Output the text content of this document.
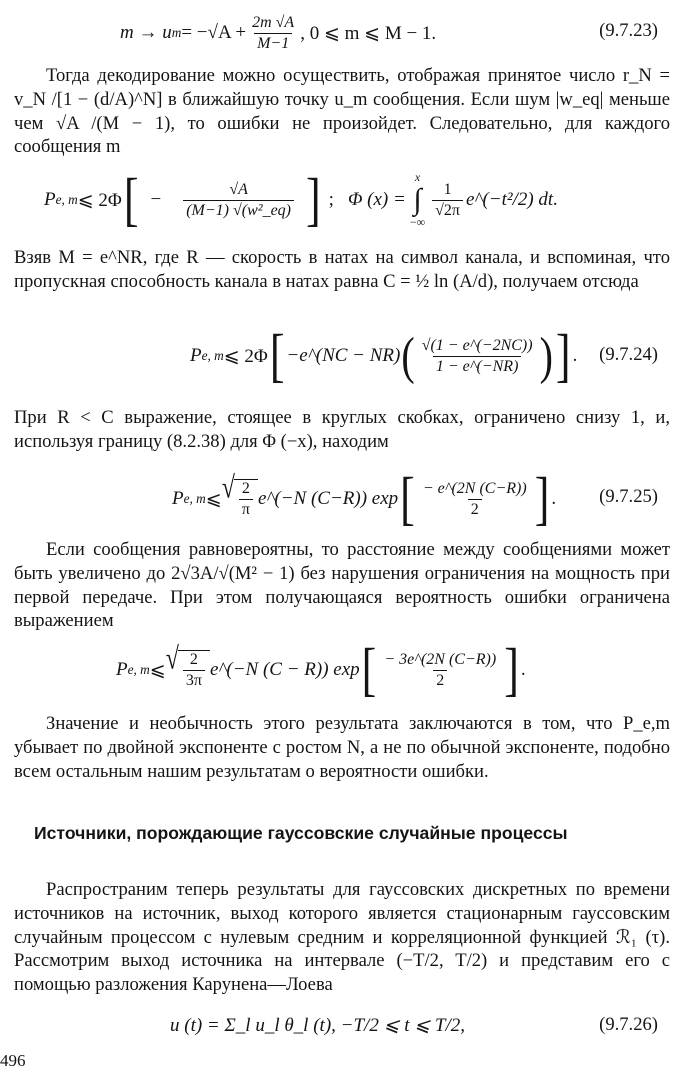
m → u $m = -√A + \frac{2m √A}{M-1}$ , 0 ⩽ m ⩽ M − 1.	(9.7.23)

Тогда декодирование можно осуществить, отображая принятое число r_N = v_N /[1 − (d/A)^N] в ближайшую точку u_m сообщения. Если шум |w_eq| меньше чем √A /(M − 1), то ошибки не произойдет. Следовательно, для каждого сообщения m

P e, m ⩽ 2Φ [ − $\frac{√A}{\text{(M−1) √(w²\_eq)}}$ ] ; Φ (x) =
x
∫
−∞
$\frac{1}{√2\pi}$ e^(−t²/2) dt.

Взяв M = e^NR, где R — скорость в натах на символ канала, и вспоминая, что пропускная способность канала в натах равна C = ½ ln (A/d), получаем отсюда

P e, m ⩽ 2Φ [ −e^(NC − NR) ( $\frac{√(1 - e\^{}(-2NC))}{1 - e\^{}(-NR)}$ ) ] . (9.7.24)

При R < C выражение, стоящее в круглых скобках, ограничено снизу 1, и, используя границу (8.2.38) для Φ (−x), находим

P e, m ⩽ √ $\frac{2}{\pi}$ e^(−N (C−R)) exp [ $\frac{- e\^{}(2N (C-R))}{2}$ ] . (9.7.25)

Если сообщения равновероятны, то расстояние между сообщениями может быть увеличено до 2√3A/√(M² − 1) без нарушения ограничения на мощность при первой передаче. При этом получающаяся вероятность ошибки ограничена выражением

P e, m ⩽ √ $\frac{2}{3\pi}$ e^(−N (C − R)) exp [ $\frac{- 3e\^{}(2N (C-R))}{2}$ ] .

Значение и необычность этого результата заключаются в том, что P_e,m убывает по двойной экспоненте с ростом N, а не по обычной экспоненте, подобно всем остальным нашим результатам о вероятности ошибки.

Источники, порождающие гауссовские случайные процессы

Распространим теперь результаты для гауссовских дискретных по времени источников на источник, выход которого является стационарным гауссовским случайным процессом с нулевым средним и корреляционной функцией ℛ₁ (τ). Рассмотрим выход источника на интервале (−T/2, T/2) и представим его с помощью разложения Карунена—Лоева

u (t) = Σ_l u_l θ_l (t), −T/2 ⩽ t ⩽ T/2,	(9.7.26)
496
